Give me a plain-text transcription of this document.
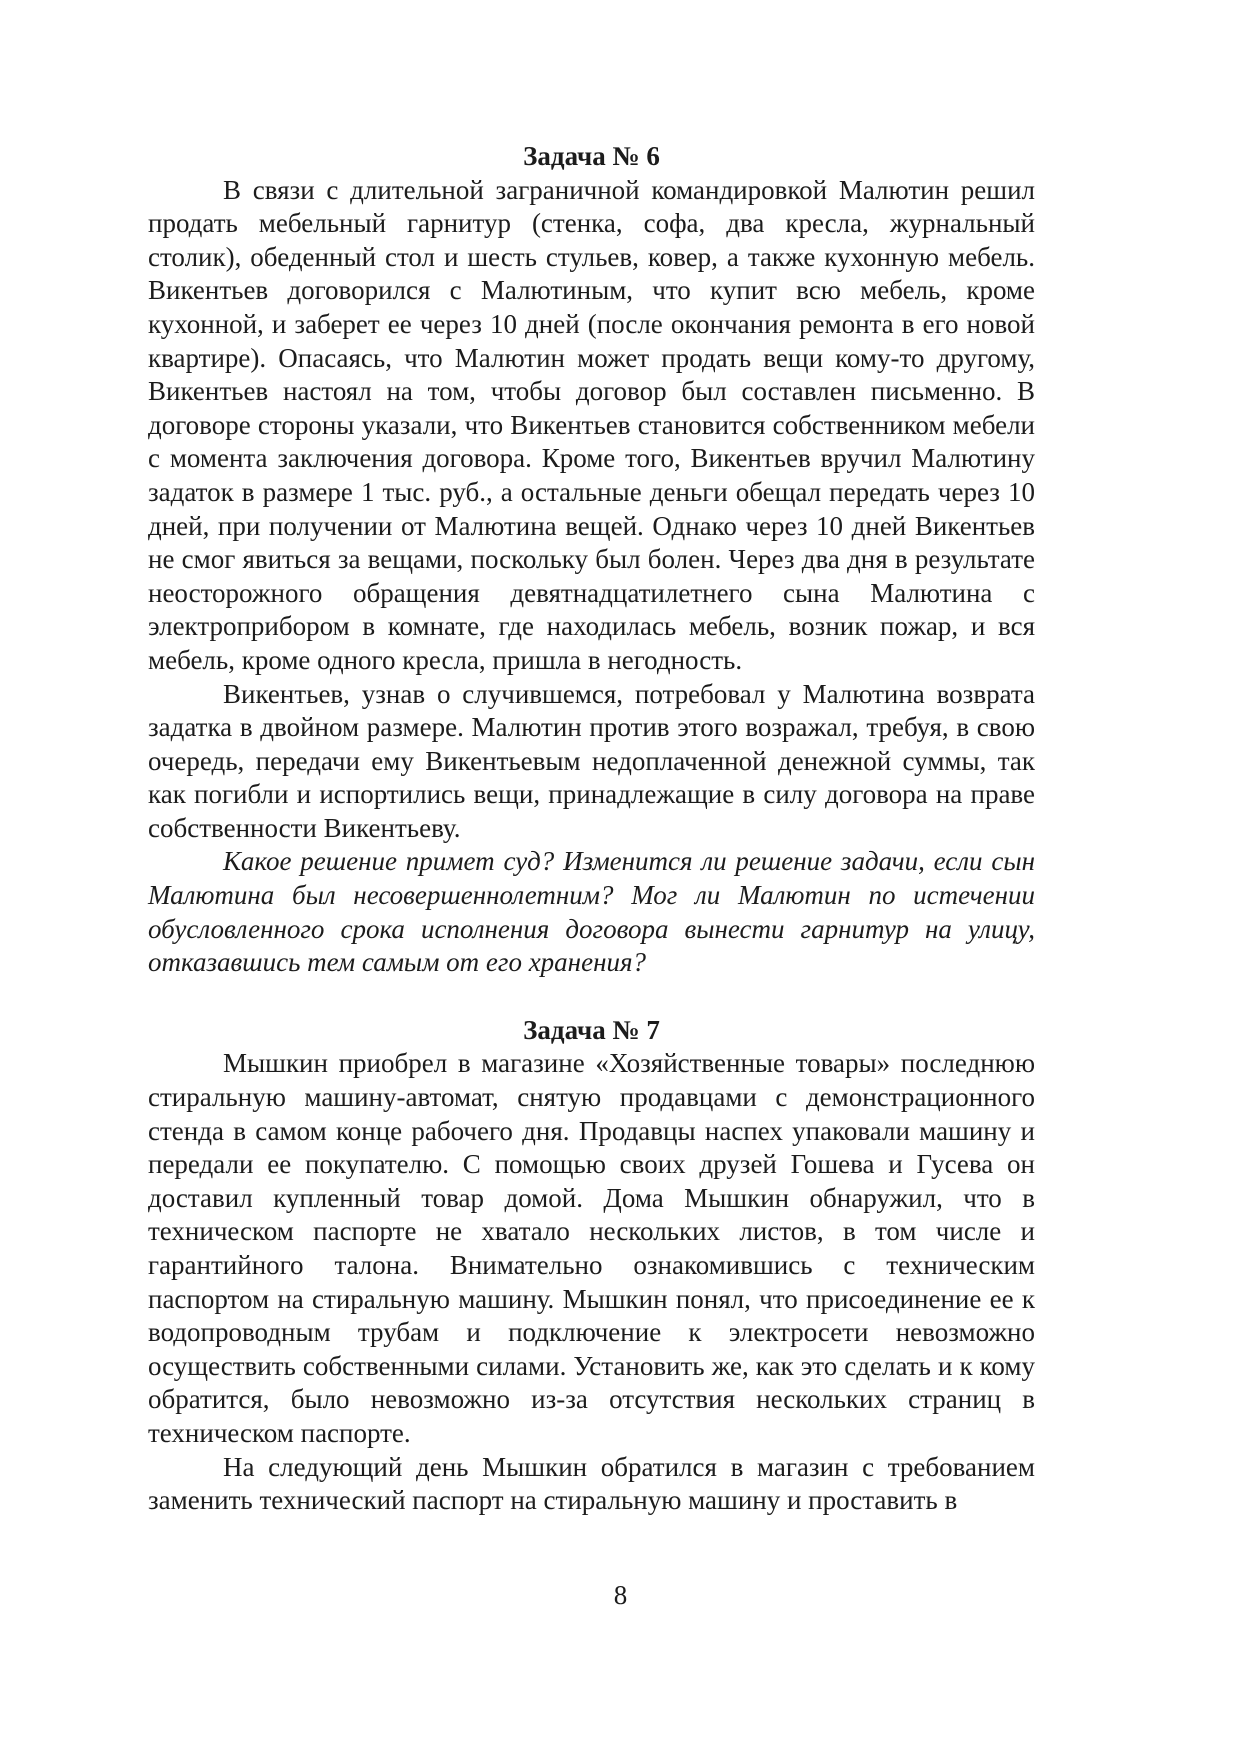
Задача № 6

В связи с длительной заграничной командировкой Малютин решил продать мебельный гарнитур (стенка, софа, два кресла, журнальный столик), обеденный стол и шесть стульев, ковер, а также кухонную мебель. Викентьев договорился с Малютиным, что купит всю мебель, кроме кухонной, и заберет ее через 10 дней (после окончания ремонта в его новой квартире). Опасаясь, что Малютин может продать вещи кому-то другому, Викентьев настоял на том, чтобы договор был составлен письменно. В договоре стороны указали, что Викентьев становится собственником мебели с момента заключения договора. Кроме того, Викентьев вручил Малютину задаток в размере 1 тыс. руб., а остальные деньги обещал передать через 10 дней, при получении от Малютина вещей. Однако через 10 дней Викентьев не смог явиться за вещами, поскольку был болен. Через два дня в результате неосторожного обращения девятнадцатилетнего сына Малютина с электроприбором в комнате, где находилась мебель, возник пожар, и вся мебель, кроме одного кресла, пришла в негодность.

Викентьев, узнав о случившемся, потребовал у Малютина возврата задатка в двойном размере. Малютин против этого возражал, требуя, в свою очередь, передачи ему Викентьевым недоплаченной денежной суммы, так как погибли и испортились вещи, принадлежащие в силу договора на праве собственности Викентьеву.

Какое решение примет суд? Изменится ли решение задачи, если сын Малютина был несовершеннолетним? Мог ли Малютин по истечении обусловленного срока исполнения договора вынести гарнитур на улицу, отказавшись тем самым от его хранения?

Задача № 7

Мышкин приобрел в магазине «Хозяйственные товары» последнюю стиральную машину-автомат, снятую продавцами с демонстрационного стенда в самом конце рабочего дня. Продавцы наспех упаковали машину и передали ее покупателю. С помощью своих друзей Гошева и Гусева он доставил купленный товар домой. Дома Мышкин обнаружил, что в техническом паспорте не хватало нескольких листов, в том числе и гарантийного талона. Внимательно ознакомившись с техническим паспортом на стиральную машину. Мышкин понял, что присоединение ее к водопроводным трубам и подключение к электросети невозможно осуществить собственными силами. Установить же, как это сделать и к кому обратится, было невозможно из-за отсутствия нескольких страниц в техническом паспорте.

На следующий день Мышкин обратился в магазин с требованием заменить технический паспорт на стиральную машину и проставить в

8
